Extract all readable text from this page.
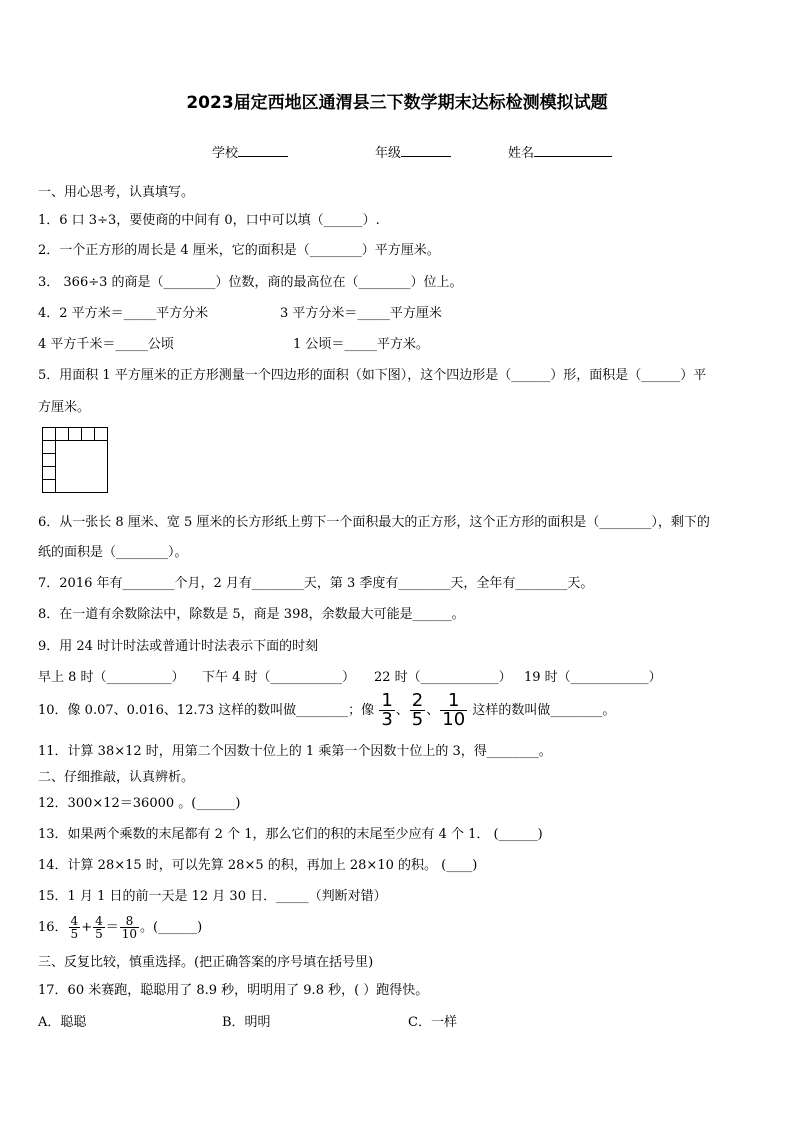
2023届定西地区通渭县三下数学期末达标检测模拟试题
学校	年级	姓名
一、用心思考，认真填写。
1．6 口 3÷3，要使商的中间有 0，口中可以填（______）.
2．一个正方形的周长是 4 厘米，它的面积是（________）平方厘米。
3． 366÷3 的商是（________）位数，商的最高位在（________）位上。
4．2 平方米＝_____平方分米	3 平方分米＝_____平方厘米
4 平方千米＝_____公顷	1 公顷＝_____平方米。
5．用面积 1 平方厘米的正方形测量一个四边形的面积（如下图），这个四边形是（______）形，面积是（______）平
方厘米。
6．从一张长 8 厘米、宽 5 厘米的长方形纸上剪下一个面积最大的正方形，这个正方形的面积是（________），剩下的
纸的面积是（________）。
7．2016 年有________个月，2 月有________天，第 3 季度有________天，全年有________天。
8．在一道有余数除法中，除数是 5，商是 398，余数最大可能是______。
9．用 24 时计时法或普通计时法表示下面的时刻
早上 8 时（__________） 下午 4 时（___________） 22 时（____________） 19 时（____________）
10．像 0.07、0.016、12.73 这样的数叫做________；像 $\frac{1}{3}$ 、 $\frac{2}{5}$ 、 $\frac{1}{10}$ 这样的数叫做________。
11．计算 38×12 时，用第二个因数十位上的 1 乘第一个因数十位上的 3，得________。
二、仔细推敲，认真辨析。
12．300×12＝36000 。(______)
13．如果两个乘数的末尾都有 2 个 1，那么它们的积的末尾至少应有 4 个 1． (______)
14．计算 28×15 时，可以先算 28×5 的积，再加上 28×10 的积。 (____)
15．1 月 1 日的前一天是 12 月 30 日．_____（判断对错）
16． $\frac{4}{5} + \frac{4}{5} = \frac{8}{10}$ 。(______)
三、反复比较，慎重选择。(把正确答案的序号填在括号里)
17．60 米赛跑，聪聪用了 8.9 秒，明明用了 9.8 秒，( ）跑得快。
A．聪聪	B．明明	C．一样
